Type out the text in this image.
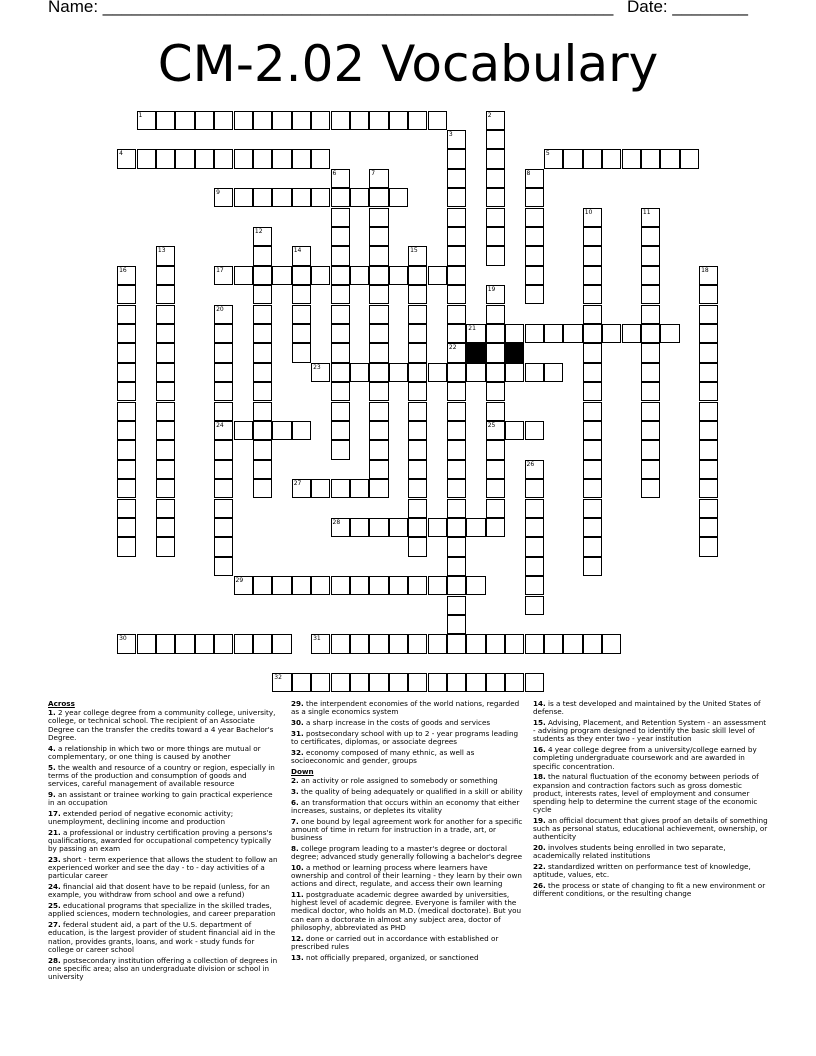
Name: ______________________________________________________ Date: ________
CM-2.02 Vocabulary
1
4	5
9
17
21
23
24	25
27
28
29
30	31
32
2
3
22
6	7	8
10	11
12
13	14	15
16	18
19
20
26
Across
1. 2 year college degree from a community college, university, college, or technical school. The recipient of an Associate Degree can the transfer the credits toward a 4 year Bachelor's Degree.
4. a relationship in which two or more things are mutual or complementary, or one thing is caused by another
5. the wealth and resource of a country or region, especially in terms of the production and consumption of goods and services, careful management of available resource
9. an assistant or trainee working to gain practical experience in an occupation
17. extended period of negative economic activity; unemployment, declining income and production
21. a professional or industry certification proving a persons's qualifications, awarded for occupational competency typically by passing an exam
23. short - term experience that allows the student to follow an experienced worker and see the day - to - day activities of a particular career
24. financial aid that dosent have to be repaid (unless, for an example, you withdraw from school and owe a refund)
25. educational programs that specialize in the skilled trades, applied sciences, modern technologies, and career preparation
27. federal student aid, a part of the U.S. department of education, is the largest provider of student financial aid in the nation, provides grants, loans, and work - study funds for college or career school
28. postsecondary institution offering a collection of degrees in one specific area; also an undergraduate division or school in university
29. the interpendent economies of the world nations, regarded as a single economics system
30. a sharp increase in the costs of goods and services
31. postsecondary school with up to 2 - year programs leading to certificates, diplomas, or associate degrees
32. economy composed of many ethnic, as well as socioeconomic and gender, groups
Down
2. an activity or role assigned to somebody or something
3. the quality of being adequately or qualified in a skill or ability
6. an transformation that occurs within an economy that either increases, sustains, or depletes its vitality
7. one bound by legal agreement work for another for a specific amount of time in return for instruction in a trade, art, or business
8. college program leading to a master's degree or doctoral degree; advanced study generally following a bachelor's degree
10. a method or learning process where learners have ownership and control of their learning - they learn by their own actions and direct, regulate, and access their own learning
11. postgraduate academic degree awarded by universities, highest level of academic degree. Everyone is familer with the medical doctor, who holds an M.D. (medical doctorate). But you can earn a doctorate in almost any subject area, doctor of philosophy, abbreviated as PHD
12. done or carried out in accordance with established or prescribed rules
13. not officially prepared, organized, or sanctioned
14. is a test developed and maintained by the United States of defense.
15. Advising, Placement, and Retention System - an assessment - advising program designed to identify the basic skill level of students as they enter two - year institution
16. 4 year college degree from a university/college earned by completing undergraduate coursework and are awarded in specific concentration.
18. the natural fluctuation of the economy between periods of expansion and contraction factors such as gross domestic product, interests rates, level of employment and consumer spending help to determine the current stage of the economic cycle
19. an official document that gives proof an details of something such as personal status, educational achievement, ownership, or authenticity
20. involves students being enrolled in two separate, academically related institutions
22. standardized written on performance test of knowledge, aptitude, values, etc.
26. the process or state of changing to fit a new environment or different conditions, or the resulting change
